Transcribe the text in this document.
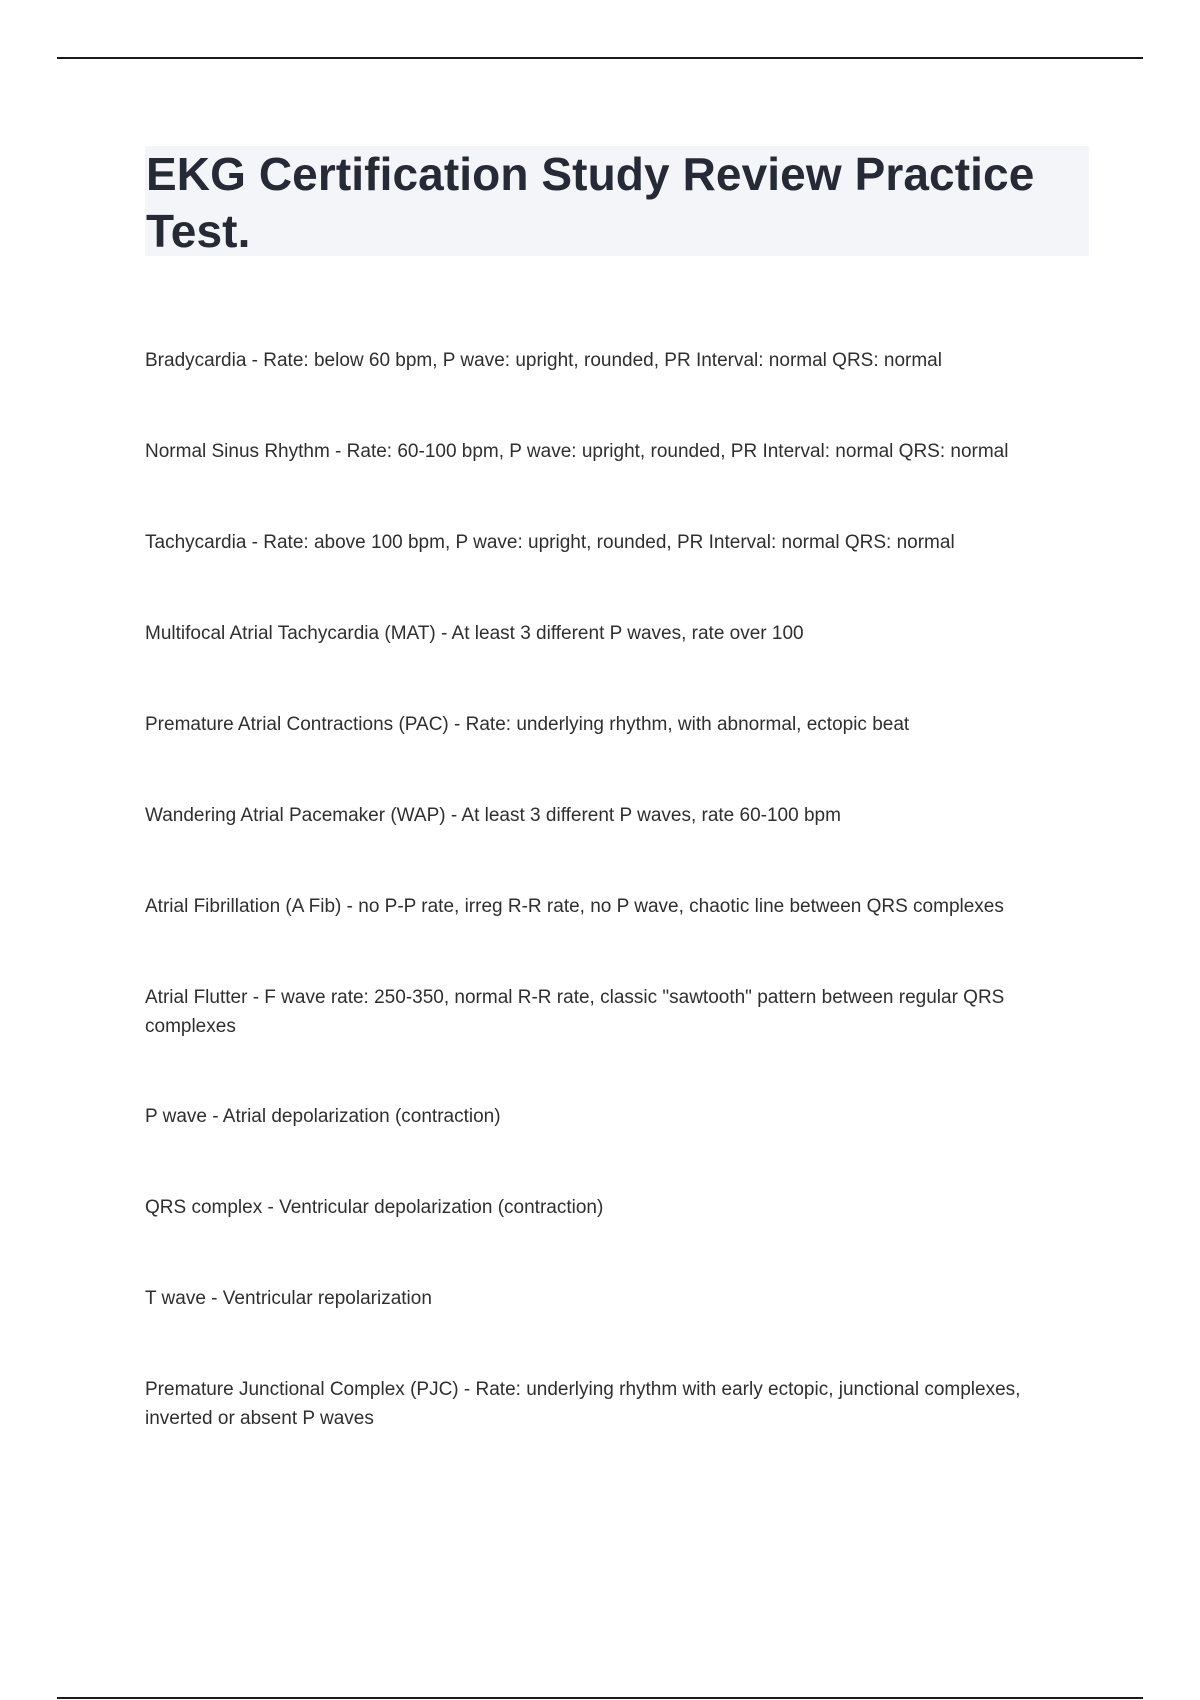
EKG Certification Study Review Practice Test.
Bradycardia - Rate: below 60 bpm, P wave: upright, rounded, PR Interval: normal QRS: normal
Normal Sinus Rhythm - Rate: 60-100 bpm, P wave: upright, rounded, PR Interval: normal QRS: normal
Tachycardia - Rate: above 100 bpm, P wave: upright, rounded, PR Interval: normal QRS: normal
Multifocal Atrial Tachycardia (MAT) - At least 3 different P waves, rate over 100
Premature Atrial Contractions (PAC) - Rate: underlying rhythm, with abnormal, ectopic beat
Wandering Atrial Pacemaker (WAP) - At least 3 different P waves, rate 60-100 bpm
Atrial Fibrillation (A Fib) - no P-P rate, irreg R-R rate, no P wave, chaotic line between QRS complexes
Atrial Flutter - F wave rate: 250-350, normal R-R rate, classic "sawtooth" pattern between regular QRS complexes
P wave - Atrial depolarization (contraction)
QRS complex - Ventricular depolarization (contraction)
T wave - Ventricular repolarization
Premature Junctional Complex (PJC) - Rate: underlying rhythm with early ectopic, junctional complexes, inverted or absent P waves
